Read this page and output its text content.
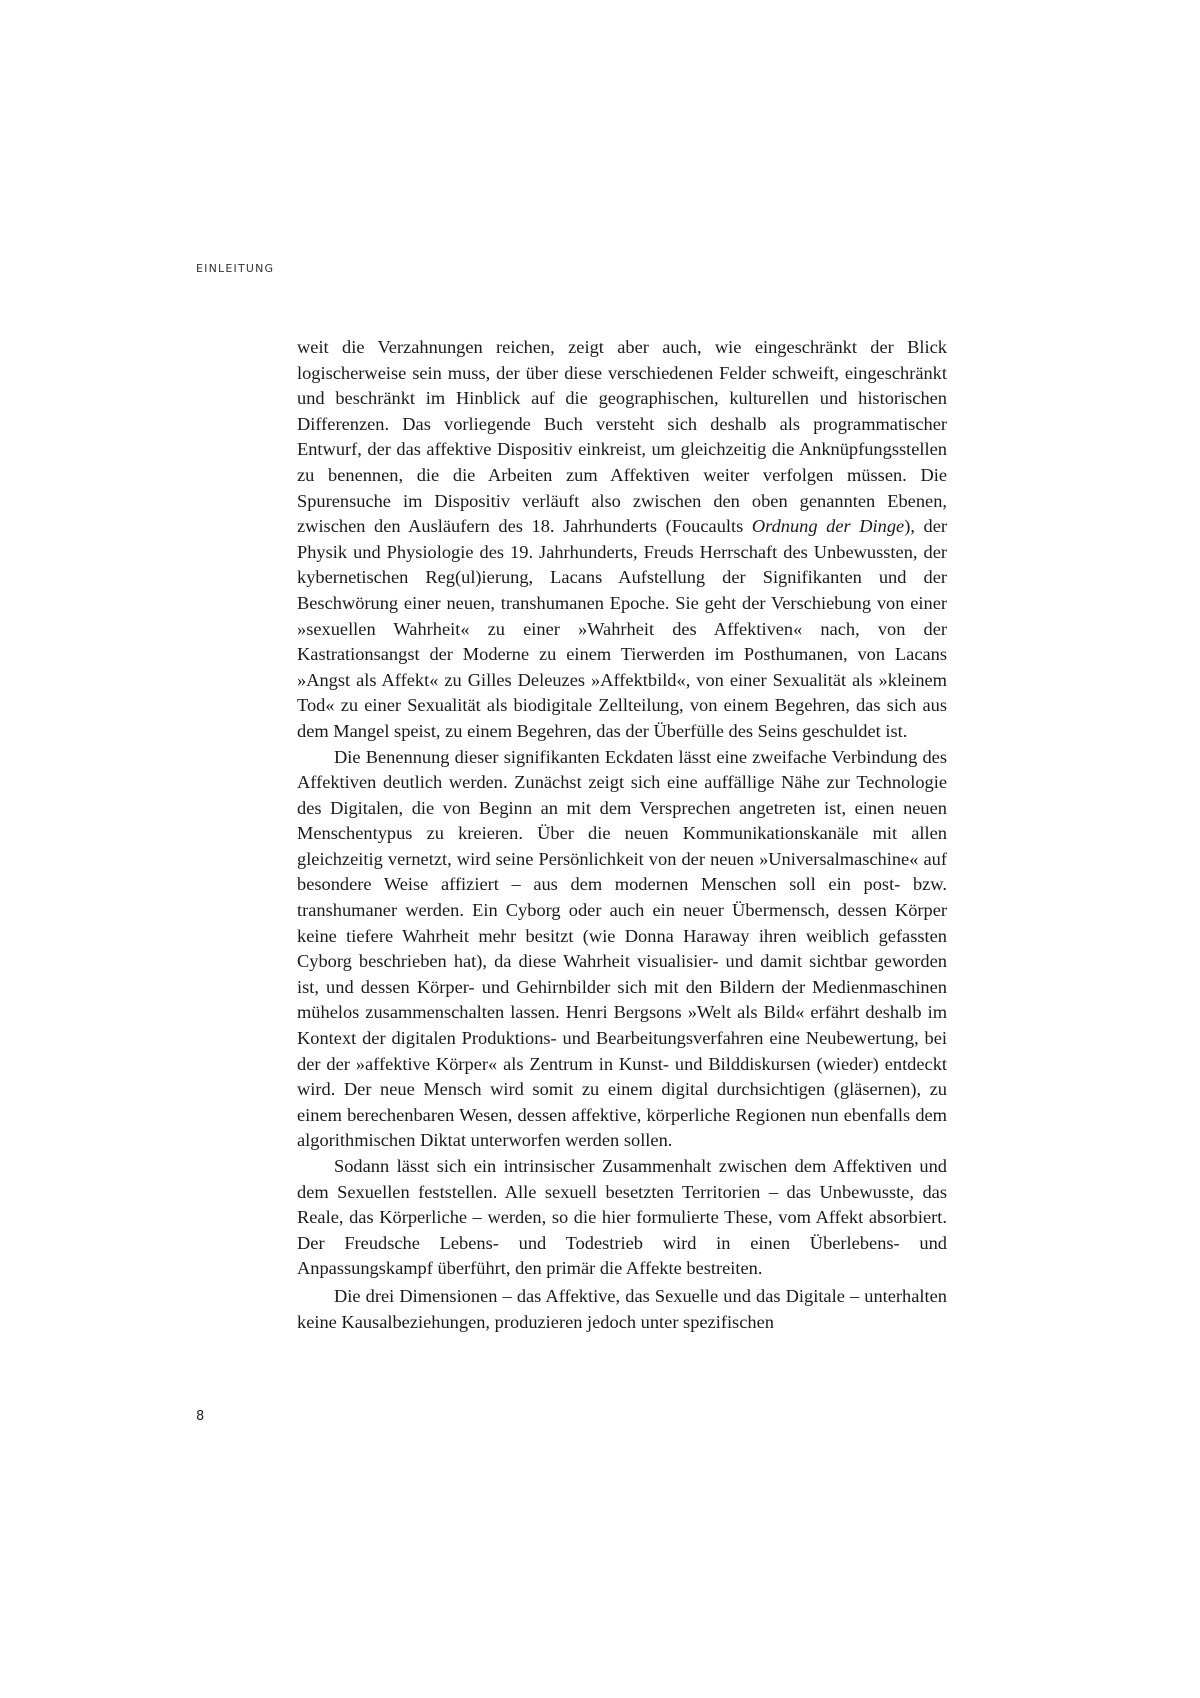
EINLEITUNG

weit die Verzahnungen reichen, zeigt aber auch, wie eingeschränkt der Blick logischerweise sein muss, der über diese verschiedenen Felder schweift, eingeschränkt und beschränkt im Hinblick auf die geographischen, kulturellen und historischen Differenzen. Das vorliegende Buch versteht sich deshalb als programmatischer Entwurf, der das affektive Dispositiv einkreist, um gleichzeitig die Anknüpfungsstellen zu benennen, die die Arbeiten zum Affektiven weiter verfolgen müssen. Die Spurensuche im Dispositiv verläuft also zwischen den oben genannten Ebenen, zwischen den Ausläufern des 18. Jahrhunderts (Foucaults Ordnung der Dinge), der Physik und Physiologie des 19. Jahrhunderts, Freuds Herrschaft des Unbewussten, der kybernetischen Reg(ul)ierung, Lacans Aufstellung der Signifikanten und der Beschwörung einer neuen, transhumanen Epoche. Sie geht der Verschiebung von einer »sexuellen Wahrheit« zu einer »Wahrheit des Affektiven« nach, von der Kastrationsangst der Moderne zu einem Tierwerden im Posthumanen, von Lacans »Angst als Affekt« zu Gilles Deleuzes »Affektbild«, von einer Sexualität als »kleinem Tod« zu einer Sexualität als biodigitale Zellteilung, von einem Begehren, das sich aus dem Mangel speist, zu einem Begehren, das der Überfülle des Seins geschuldet ist.

Die Benennung dieser signifikanten Eckdaten lässt eine zweifache Verbindung des Affektiven deutlich werden. Zunächst zeigt sich eine auffällige Nähe zur Technologie des Digitalen, die von Beginn an mit dem Versprechen angetreten ist, einen neuen Menschentypus zu kreieren. Über die neuen Kommunikationskanäle mit allen gleichzeitig vernetzt, wird seine Persönlichkeit von der neuen »Universalmaschine« auf besondere Weise affiziert – aus dem modernen Menschen soll ein post- bzw. transhumaner werden. Ein Cyborg oder auch ein neuer Übermensch, dessen Körper keine tiefere Wahrheit mehr besitzt (wie Donna Haraway ihren weiblich gefassten Cyborg beschrieben hat), da diese Wahrheit visualisier- und damit sichtbar geworden ist, und dessen Körper- und Gehirnbilder sich mit den Bildern der Medienmaschinen mühelos zusammenschalten lassen. Henri Bergsons »Welt als Bild« erfährt deshalb im Kontext der digitalen Produktions- und Bearbeitungsverfahren eine Neubewertung, bei der der »affektive Körper« als Zentrum in Kunst- und Bilddiskursen (wieder) entdeckt wird. Der neue Mensch wird somit zu einem digital durchsichtigen (gläsernen), zu einem berechenbaren Wesen, dessen affektive, körperliche Regionen nun ebenfalls dem algorithmischen Diktat unterworfen werden sollen.

Sodann lässt sich ein intrinsischer Zusammenhalt zwischen dem Affektiven und dem Sexuellen feststellen. Alle sexuell besetzten Territorien – das Unbewusste, das Reale, das Körperliche – werden, so die hier formulierte These, vom Affekt absorbiert. Der Freudsche Lebens- und Todestrieb wird in einen Überlebens- und Anpassungskampf überführt, den primär die Affekte bestreiten.

Die drei Dimensionen – das Affektive, das Sexuelle und das Digitale – unterhalten keine Kausalbeziehungen, produzieren jedoch unter spezifischen

8
